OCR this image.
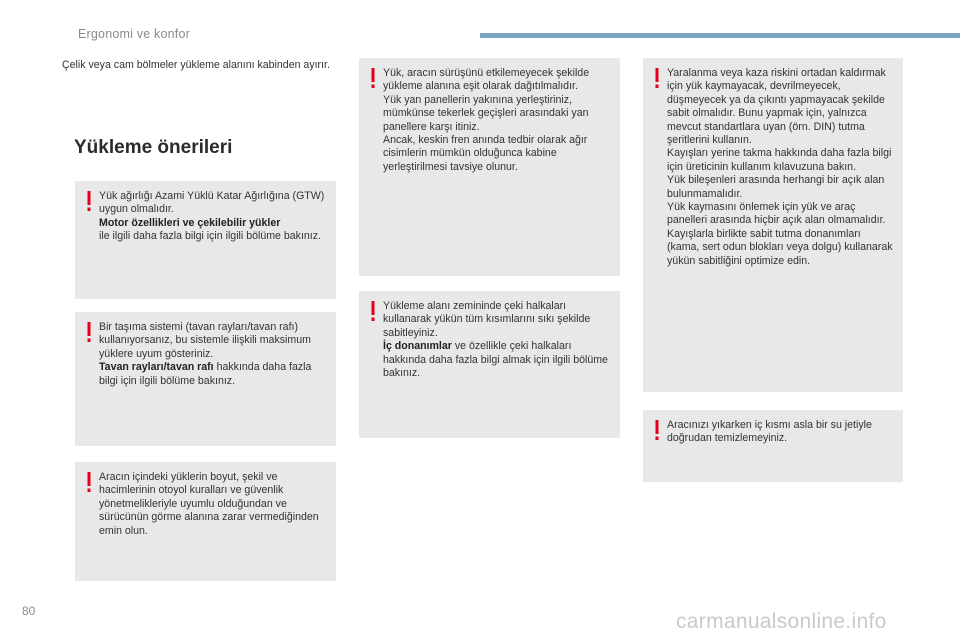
Ergonomi ve konfor
Çelik veya cam bölmeler yükleme alanını kabinden ayırır.
Yükleme önerileri

Yük ağırlığı Azami Yüklü Katar Ağırlığına (GTW) uygun olmalıdır.
Motor özellikleri ve çekilebilir yükler
ile ilgili daha fazla bilgi için ilgili bölüme bakınız.

Bir taşıma sistemi (tavan rayları/tavan rafı) kullanıyorsanız, bu sistemle ilişkili maksimum yüklere uyum gösteriniz.
Tavan rayları/tavan rafı hakkında daha fazla bilgi için ilgili bölüme bakınız.

Aracın içindeki yüklerin boyut, şekil ve hacimlerinin otoyol kuralları ve güvenlik yönetmelikleriyle uyumlu olduğundan ve sürücünün görme alanına zarar vermediğinden emin olun.

Yük, aracın sürüşünü etkilemeyecek şekilde yükleme alanına eşit olarak dağıtılmalıdır.
Yük yan panellerin yakınına yerleştiriniz, mümkünse tekerlek geçişleri arasındaki yan panellere karşı itiniz.
Ancak, keskin fren anında tedbir olarak ağır cisimlerin mümkün olduğunca kabine yerleştirilmesi tavsiye olunur.

Yükleme alanı zemininde çeki halkaları kullanarak yükün tüm kısımlarını sıkı şekilde sabitleyiniz.
İç donanımlar ve özellikle çeki halkaları hakkında daha fazla bilgi almak için ilgili bölüme bakınız.

Yaralanma veya kaza riskini ortadan kaldırmak için yük kaymayacak, devrilmeyecek, düşmeyecek ya da çıkıntı yapmayacak şekilde sabit olmalıdır. Bunu yapmak için, yalnızca mevcut standartlara uyan (örn. DIN) tutma şeritlerini kullanın.
Kayışları yerine takma hakkında daha fazla bilgi için üreticinin kullanım kılavuzuna bakın.
Yük bileşenleri arasında herhangi bir açık alan bulunmamalıdır.
Yük kaymasını önlemek için yük ve araç panelleri arasında hiçbir açık alan olmamalıdır.
Kayışlarla birlikte sabit tutma donanımları (kama, sert odun blokları veya dolgu) kullanarak yükün sabitliğini optimize edin.

Aracınızı yıkarken iç kısmı asla bir su jetiyle doğrudan temizlemeyiniz.

80	carmanualsonline.info
